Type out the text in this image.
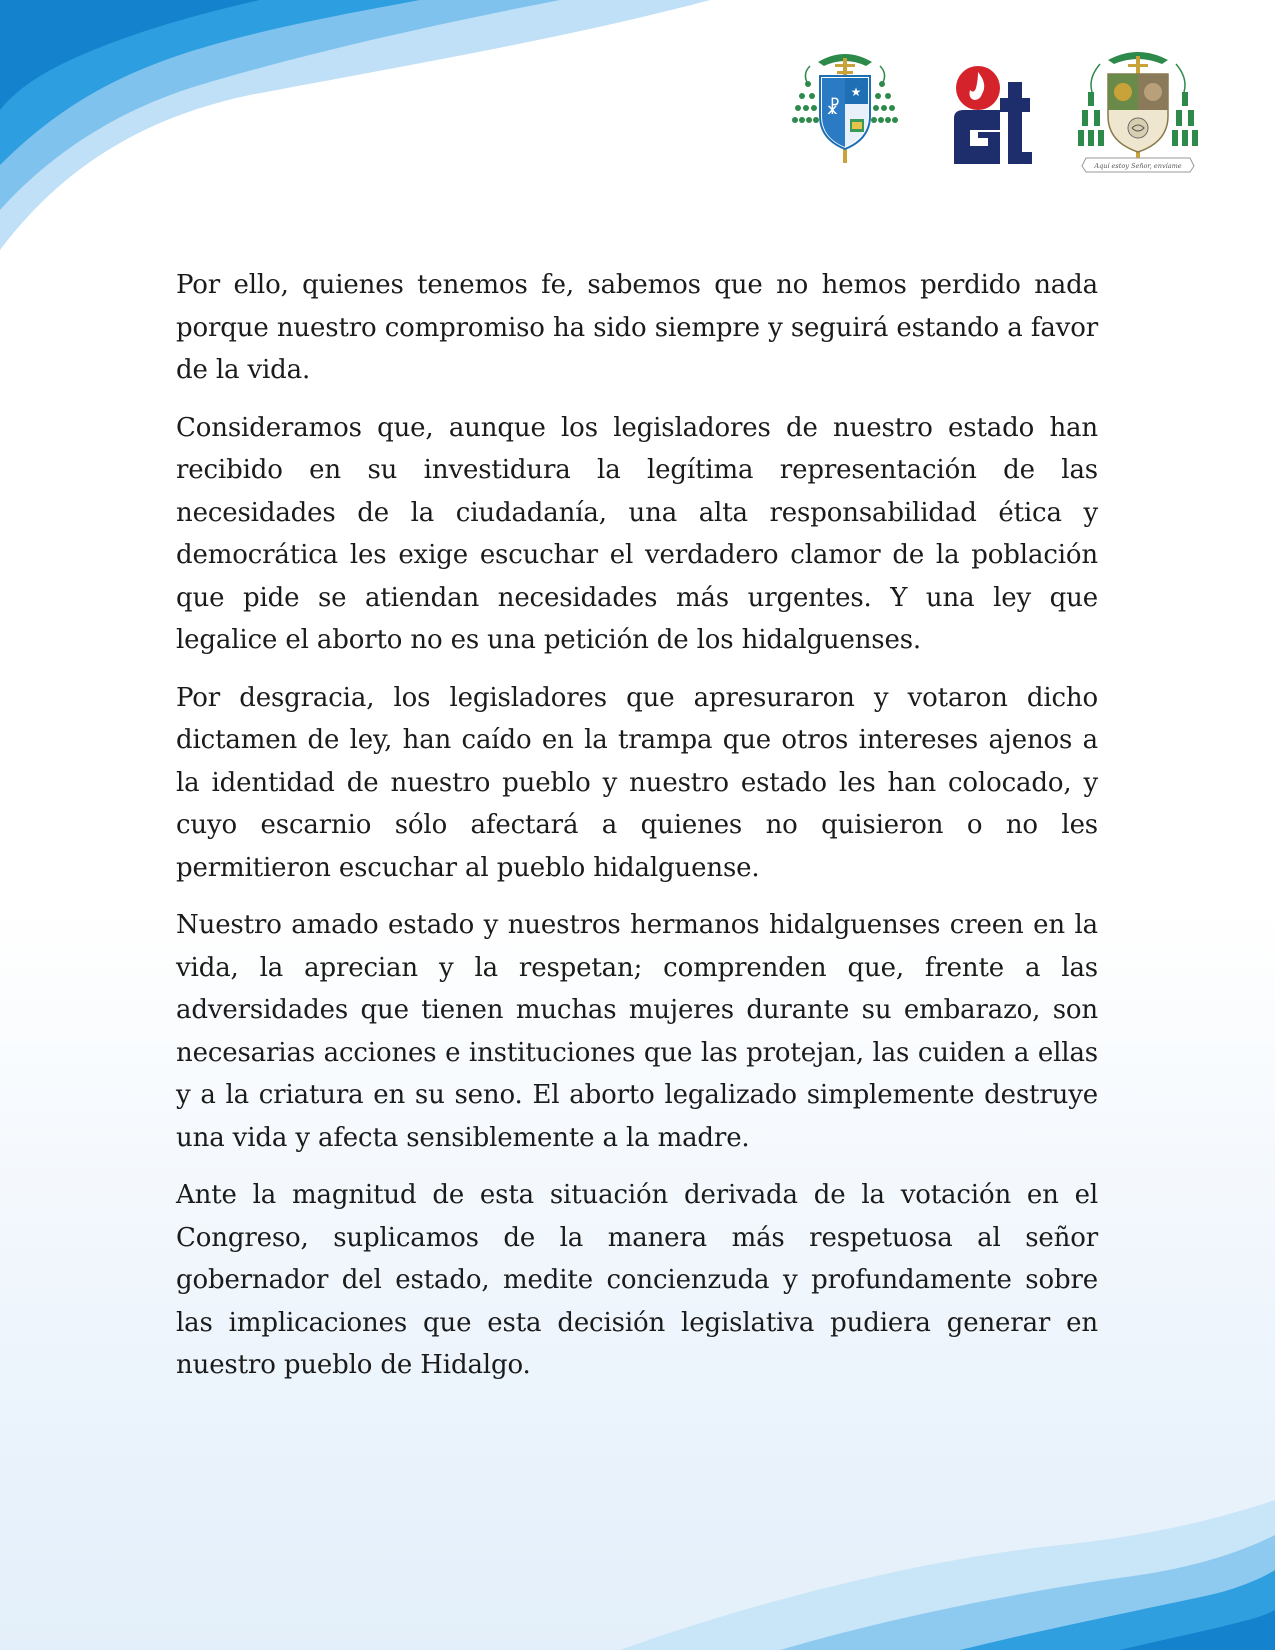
☧
★
Aquí estoy Señor, envíame

Por ello, quienes tenemos fe, sabemos que no hemos perdido nada porque nuestro compromiso ha sido siempre y seguirá estando a favor de la vida.

Consideramos que, aunque los legisladores de nuestro estado han recibido en su investidura la legítima representación de las necesidades de la ciudadanía, una alta responsabilidad ética y democrática les exige escuchar el verdadero clamor de la población que pide se atiendan necesidades más urgentes. Y una ley que legalice el aborto no es una petición de los hidalguenses.

Por desgracia, los legisladores que apresuraron y votaron dicho dictamen de ley, han caído en la trampa que otros intereses ajenos a la identidad de nuestro pueblo y nuestro estado les han colocado, y cuyo escarnio sólo afectará a quienes no quisieron o no les permitieron escuchar al pueblo hidalguense.

Nuestro amado estado y nuestros hermanos hidalguenses creen en la vida, la aprecian y la respetan; comprenden que, frente a las adversidades que tienen muchas mujeres durante su embarazo, son necesarias acciones e instituciones que las protejan, las cuiden a ellas y a la criatura en su seno. El aborto legalizado simplemente destruye una vida y afecta sensiblemente a la madre.

Ante la magnitud de esta situación derivada de la votación en el Congreso, suplicamos de la manera más respetuosa al señor gobernador del estado, medite concienzuda y profundamente sobre las implicaciones que esta decisión legislativa pudiera generar en nuestro pueblo de Hidalgo.
